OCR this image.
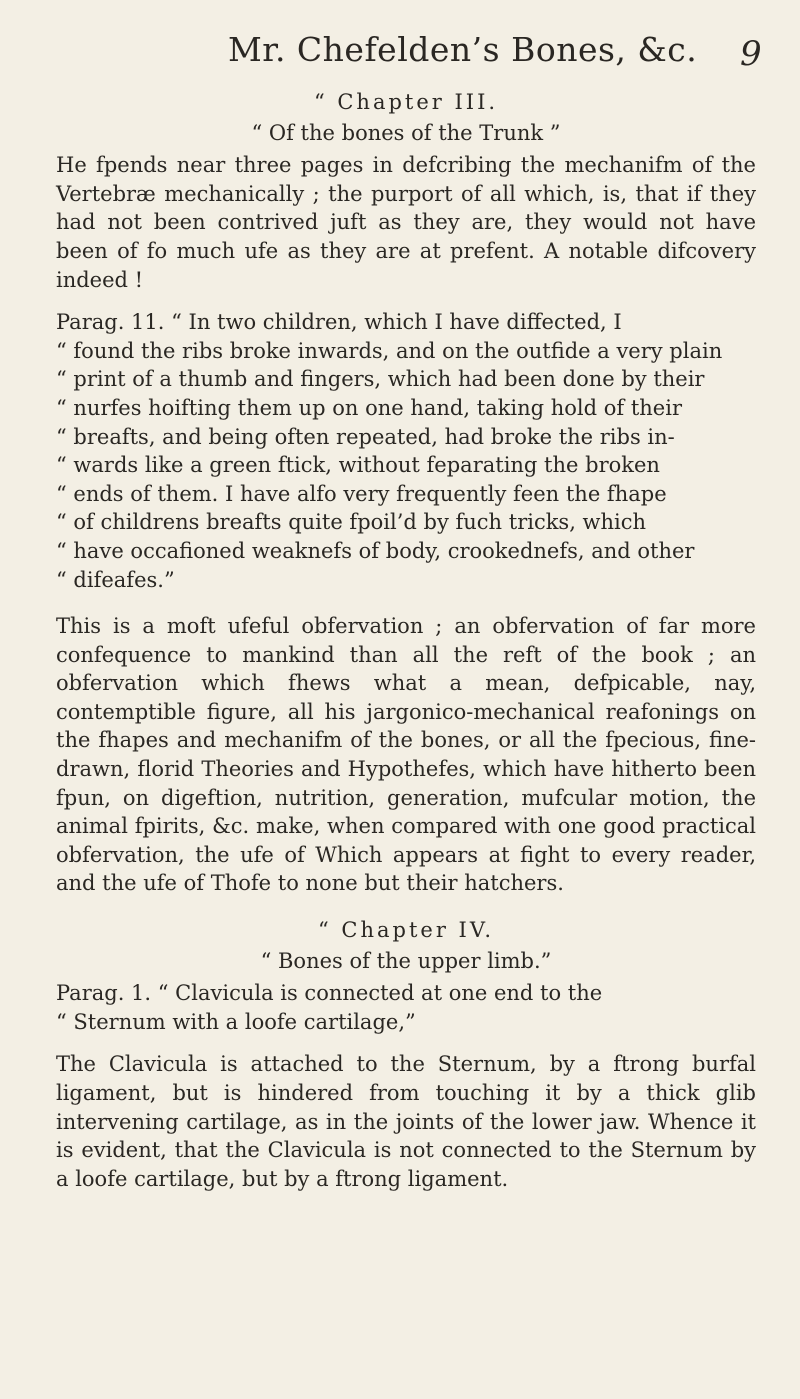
Mr. Chefelden’s Bones, &c. 9

“ Chapter III.

“ Of the bones of the Trunk ”

He fpends near three pages in defcribing the mechanifm of the Vertebræ mechanically ; the purport of all which, is, that if they had not been contrived juft as they are, they would not have been of fo much ufe as they are at prefent. A notable difcovery indeed !

Parag. 11. “ In two children, which I have diffected, I
“ found the ribs broke inwards, and on the outfide a very plain
“ print of a thumb and fingers, which had been done by their
“ nurfes hoifting them up on one hand, taking hold of their
“ breafts, and being often repeated, had broke the ribs in-
“ wards like a green ftick, without feparating the broken
“ ends of them. I have alfo very frequently feen the fhape
“ of childrens breafts quite fpoil’d by fuch tricks, which
“ have occafioned weaknefs of body, crookednefs, and other
“ difeafes.”

This is a moft ufeful obfervation ; an obfervation of far more confequence to mankind than all the reft of the book ; an obfervation which fhews what a mean, defpicable, nay, contemptible figure, all his jargonico-mechanical reafonings on the fhapes and mechanifm of the bones, or all the fpecious, fine-drawn, florid Theories and Hypothefes, which have hitherto been fpun, on digeftion, nutrition, generation, mufcular motion, the animal fpirits, &c. make, when compared with one good practical obfervation, the ufe of Which appears at fight to every reader, and the ufe of Thofe to none but their hatchers.

“ Chapter IV.

“ Bones of the upper limb.”

Parag. 1. “ Clavicula is connected at one end to the
“ Sternum with a loofe cartilage,”

The Clavicula is attached to the Sternum, by a ftrong burfal ligament, but is hindered from touching it by a thick glib intervening cartilage, as in the joints of the lower jaw. Whence it is evident, that the Clavicula is not connected to the Sternum by a loofe cartilage, but by a ftrong ligament.
